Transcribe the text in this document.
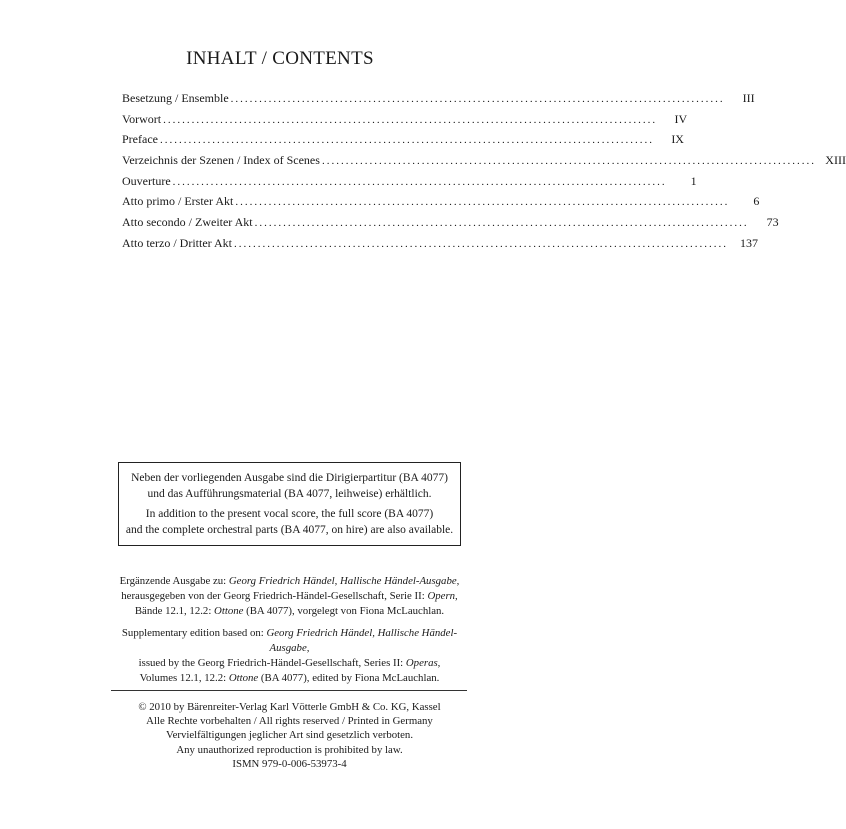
INHALT / CONTENTS
Besetzung / Ensemble ........................................................................................................	III
Vorwort ........................................................................................................	IV
Preface ........................................................................................................	IX
Verzeichnis der Szenen / Index of Scenes ........................................................................................................ XIII
Ouverture ........................................................................................................	1
Atto primo / Erster Akt ........................................................................................................	6
Atto secondo / Zweiter Akt ........................................................................................................	73
Atto terzo / Dritter Akt ........................................................................................................	137

Neben der vorliegenden Ausgabe sind die Dirigierpartitur (BA 4077)

und das Aufführungsmaterial (BA 4077, leihweise) erhältlich.

In addition to the present vocal score, the full score (BA 4077)

and the complete orchestral parts (BA 4077, on hire) are also available.

Ergänzende Ausgabe zu: Georg Friedrich Händel, Hallische Händel-Ausgabe,
herausgegeben von der Georg Friedrich-Händel-Gesellschaft, Serie II: Opern,
Bände 12.1, 12.2: Ottone (BA 4077), vorgelegt von Fiona McLauchlan.

Supplementary edition based on: Georg Friedrich Händel, Hallische Händel-Ausgabe,
issued by the Georg Friedrich-Händel-Gesellschaft, Series II: Operas,
Volumes 12.1, 12.2: Ottone (BA 4077), edited by Fiona McLauchlan.

© 2010 by Bärenreiter-Verlag Karl Vötterle GmbH & Co. KG, Kassel

Alle Rechte vorbehalten / All rights reserved / Printed in Germany

Vervielfältigungen jeglicher Art sind gesetzlich verboten.

Any unauthorized reproduction is prohibited by law.

ISMN 979-0-006-53973-4
